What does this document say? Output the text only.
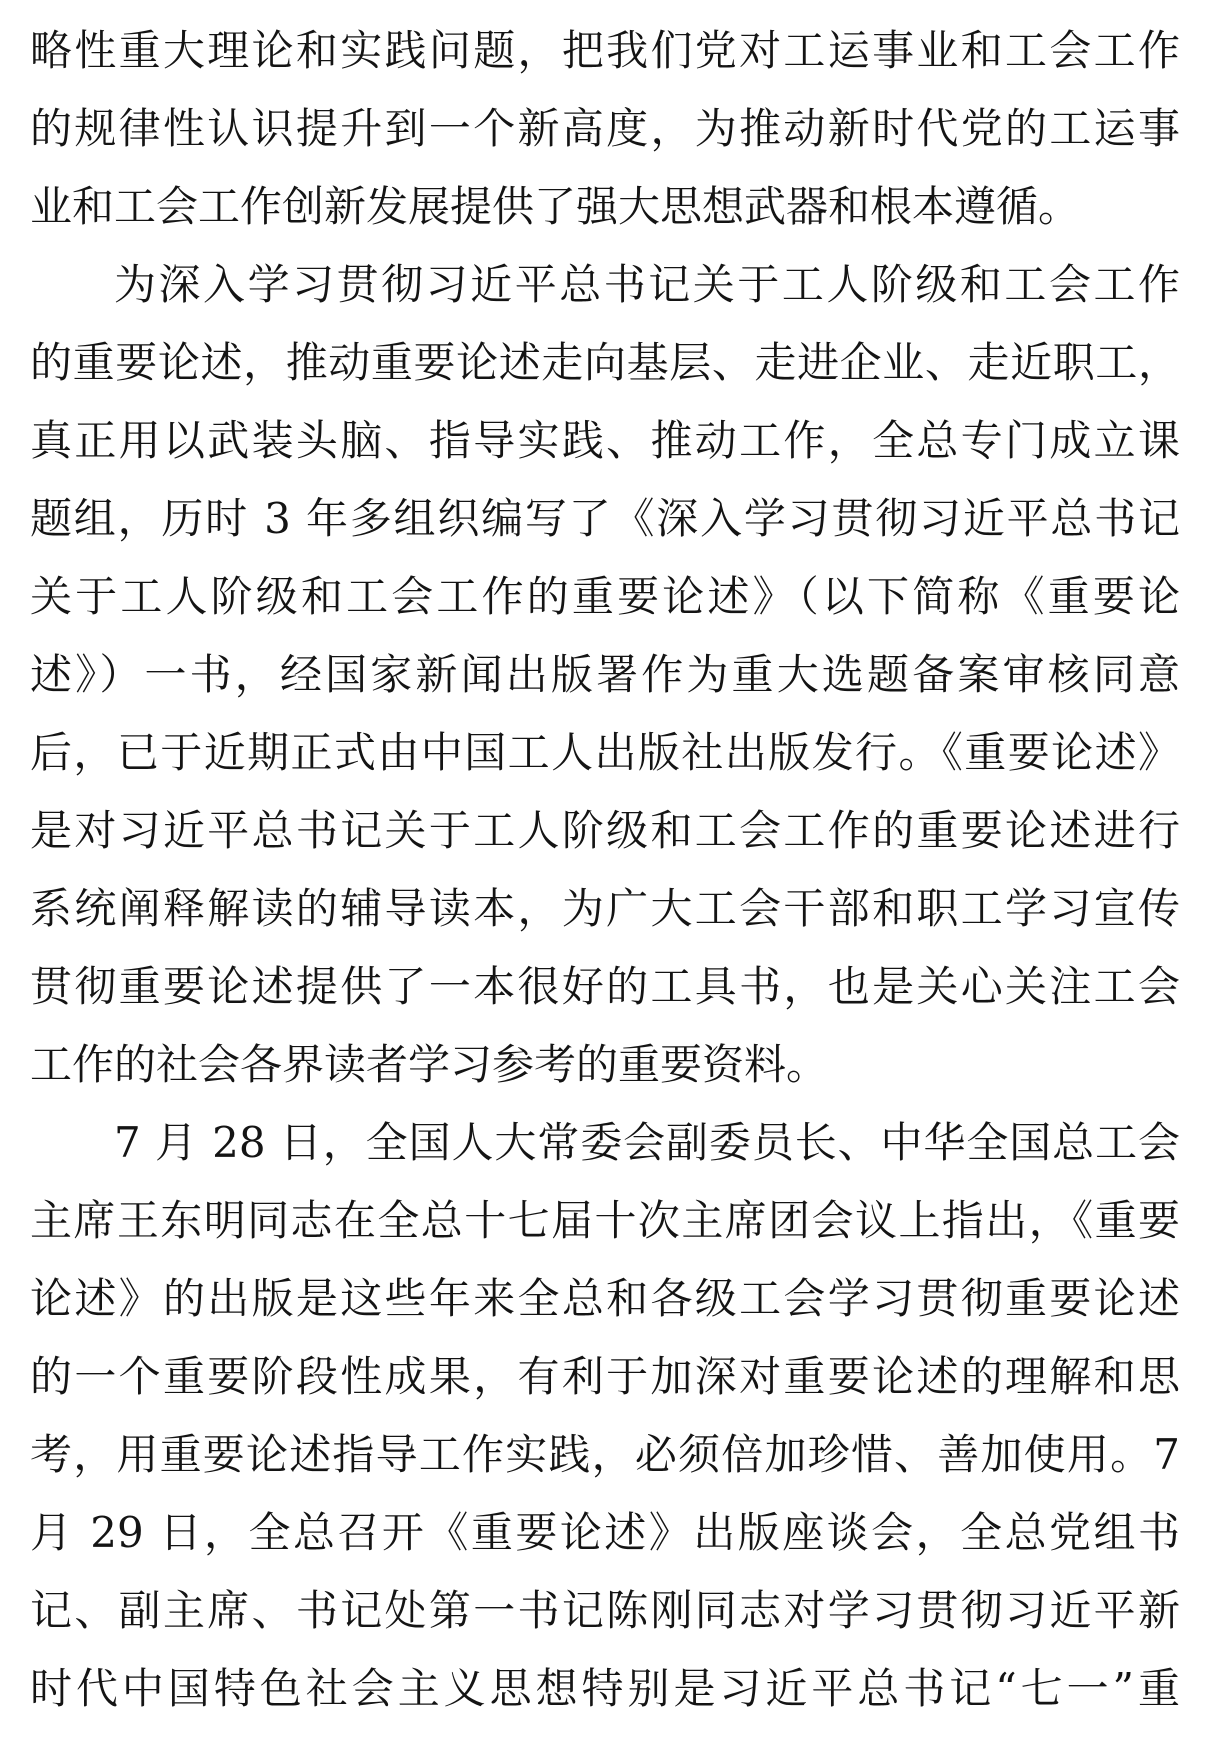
略性重大理论和实践问题，把我们党对工运事业和工会工作
的规律性认识提升到一个新高度，为推动新时代党的工运事
业和工会工作创新发展提供了强大思想武器和根本遵循。
为深入学习贯彻习近平总书记关于工人阶级和工会工作
的重要论述，推动重要论述走向基层、走进企业、走近职工，
真正用以武装头脑、指导实践、推动工作，全总专门成立课
题组，历时 3 年多组织编写了《深入学习贯彻习近平总书记
关于工人阶级和工会工作的重要论述》（以下简称《重要论
述》）一书，经国家新闻出版署作为重大选题备案审核同意
后，已于近期正式由中国工人出版社出版发行。《重要论述》
是对习近平总书记关于工人阶级和工会工作的重要论述进行
系统阐释解读的辅导读本，为广大工会干部和职工学习宣传
贯彻重要论述提供了一本很好的工具书，也是关心关注工会
工作的社会各界读者学习参考的重要资料。
7 月 28 日，全国人大常委会副委员长、中华全国总工会
主席王东明同志在全总十七届十次主席团会议上指出，《重要
论述》的出版是这些年来全总和各级工会学习贯彻重要论述
的一个重要阶段性成果，有利于加深对重要论述的理解和思
考，用重要论述指导工作实践，必须倍加珍惜、善加使用。7
月 29 日，全总召开《重要论述》出版座谈会，全总党组书
记、副主席、书记处第一书记陈刚同志对学习贯彻习近平新
时代中国特色社会主义思想特别是习近平总书记“七一”重
